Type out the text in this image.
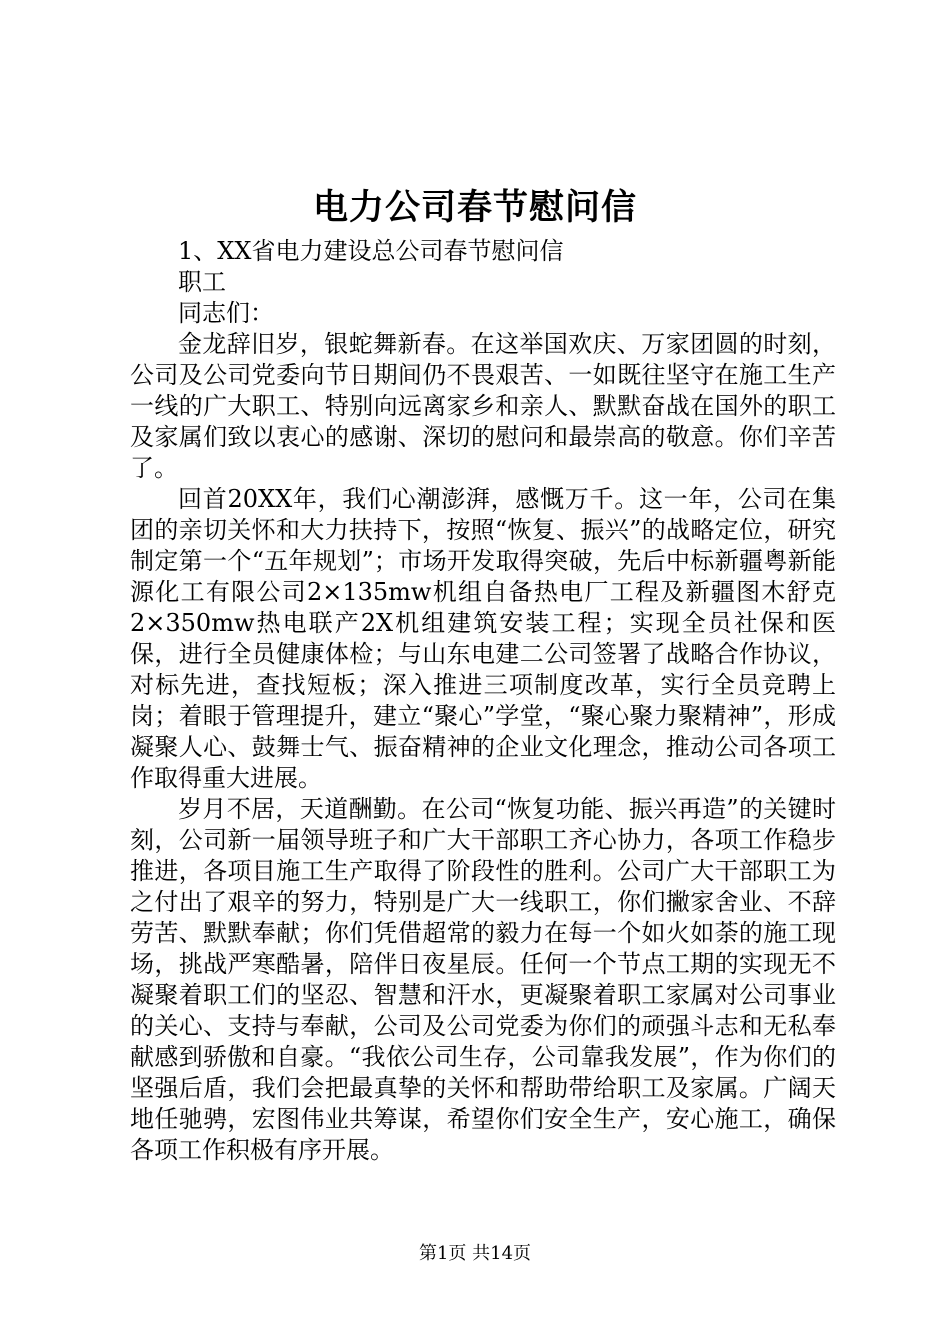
电力公司春节慰问信

1、XX省电力建设总公司春节慰问信

职工

同志们：

金龙辞旧岁，银蛇舞新春。在这举国欢庆、万家团圆的时刻，公司及公司党委向节日期间仍不畏艰苦、一如既往坚守在施工生产一线的广大职工、特别向远离家乡和亲人、默默奋战在国外的职工及家属们致以衷心的感谢、深切的慰问和最崇高的敬意。你们辛苦了。

回首20XX年，我们心潮澎湃，感慨万千。这一年，公司在集团的亲切关怀和大力扶持下，按照“恢复、振兴”的战略定位，研究制定第一个“五年规划”；市场开发取得突破，先后中标新疆粤新能源化工有限公司2×135mw机组自备热电厂工程及新疆图木舒克2×350mw热电联产2X机组建筑安装工程；实现全员社保和医保，进行全员健康体检；与山东电建二公司签署了战略合作协议，对标先进，查找短板；深入推进三项制度改革，实行全员竞聘上岗；着眼于管理提升，建立“聚心”学堂，“聚心聚力聚精神”，形成凝聚人心、鼓舞士气、振奋精神的企业文化理念，推动公司各项工作取得重大进展。

岁月不居，天道酬勤。在公司“恢复功能、振兴再造”的关键时刻，公司新一届领导班子和广大干部职工齐心协力，各项工作稳步推进，各项目施工生产取得了阶段性的胜利。公司广大干部职工为之付出了艰辛的努力，特别是广大一线职工，你们撇家舍业、不辞劳苦、默默奉献；你们凭借超常的毅力在每一个如火如荼的施工现场，挑战严寒酷暑，陪伴日夜星辰。任何一个节点工期的实现无不凝聚着职工们的坚忍、智慧和汗水，更凝聚着职工家属对公司事业的关心、支持与奉献，公司及公司党委为你们的顽强斗志和无私奉献感到骄傲和自豪。“我依公司生存，公司靠我发展”，作为你们的坚强后盾，我们会把最真挚的关怀和帮助带给职工及家属。广阔天地任驰骋，宏图伟业共筹谋，希望你们安全生产，安心施工，确保各项工作积极有序开展。

第1页 共14页
